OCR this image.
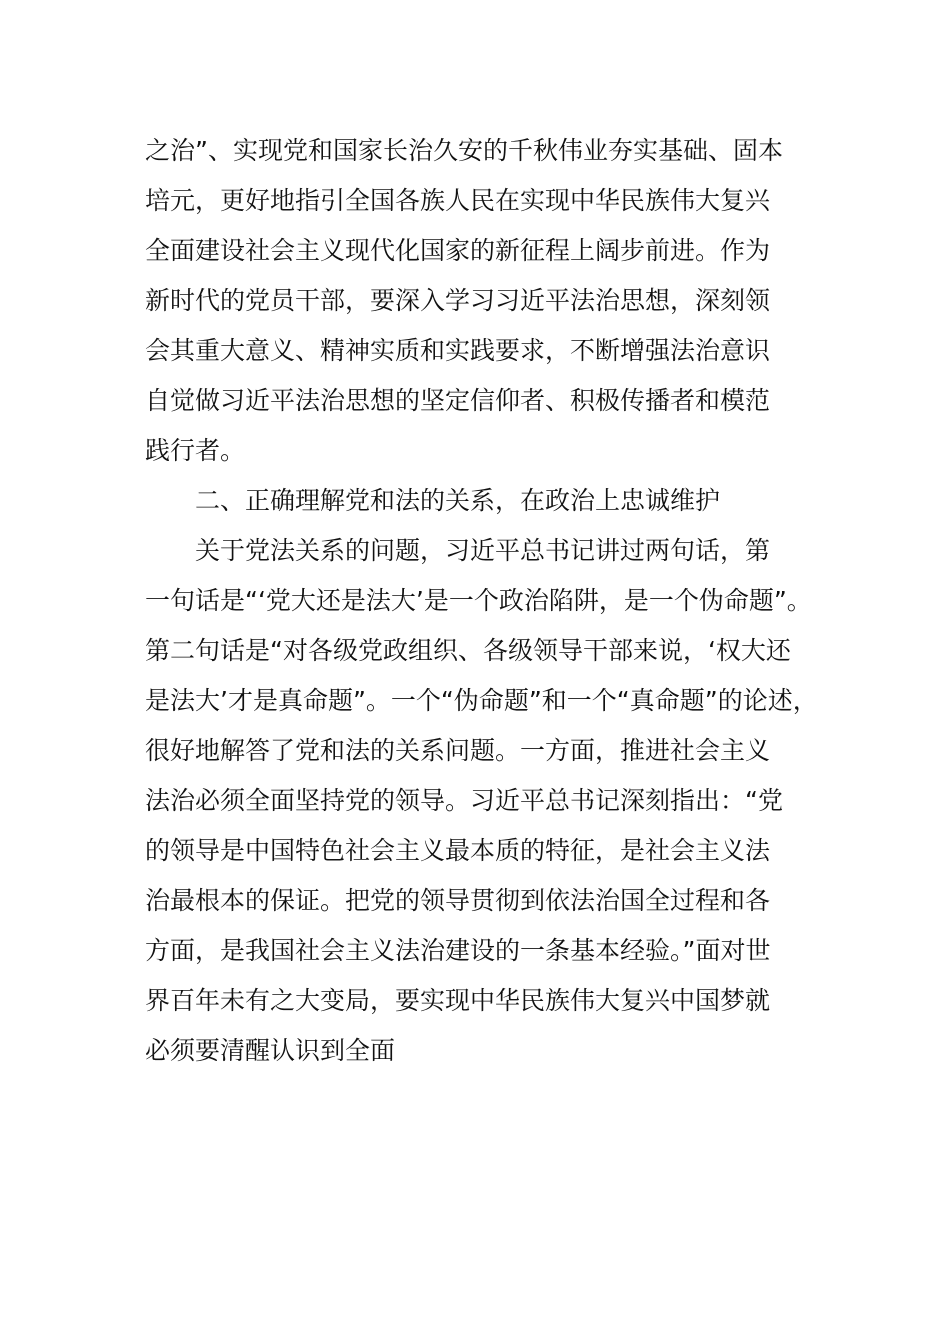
之治”、实现党和国家长治久安的千秋伟业夯实基础、固本
培元，更好地指引全国各族人民在实现中华民族伟大复兴
全面建设社会主义现代化国家的新征程上阔步前进。作为
新时代的党员干部，要深入学习习近平法治思想，深刻领
会其重大意义、精神实质和实践要求，不断增强法治意识
自觉做习近平法治思想的坚定信仰者、积极传播者和模范
践行者。
二、正确理解党和法的关系，在政治上忠诚维护
关于党法关系的问题，习近平总书记讲过两句话，第
一句话是“‘党大还是法大’是一个政治陷阱，是一个伪命题”。
第二句话是“对各级党政组织、各级领导干部来说，‘权大还
是法大’才是真命题”。一个“伪命题”和一个“真命题”的论述，
很好地解答了党和法的关系问题。一方面，推进社会主义
法治必须全面坚持党的领导。习近平总书记深刻指出：“党
的领导是中国特色社会主义最本质的特征，是社会主义法
治最根本的保证。把党的领导贯彻到依法治国全过程和各
方面，是我国社会主义法治建设的一条基本经验。”面对世
界百年未有之大变局，要实现中华民族伟大复兴中国梦就
必须要清醒认识到全面
